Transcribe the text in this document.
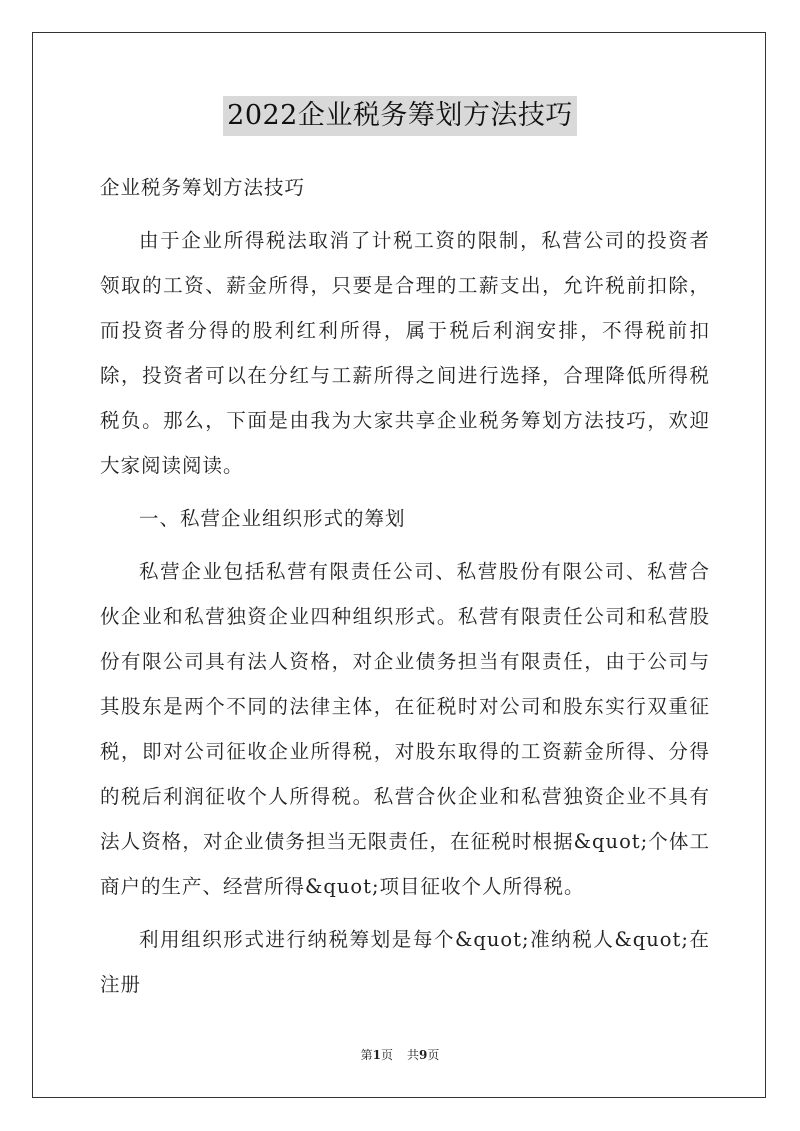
2022企业税务筹划方法技巧

企业税务筹划方法技巧

由于企业所得税法取消了计税工资的限制，私营公司的投资者领取的工资、薪金所得，只要是合理的工薪支出，允许税前扣除，而投资者分得的股利红利所得，属于税后利润安排，不得税前扣除，投资者可以在分红与工薪所得之间进行选择，合理降低所得税税负。那么，下面是由我为大家共享企业税务筹划方法技巧，欢迎大家阅读阅读。

一、私营企业组织形式的筹划

私营企业包括私营有限责任公司、私营股份有限公司、私营合伙企业和私营独资企业四种组织形式。私营有限责任公司和私营股份有限公司具有法人资格，对企业债务担当有限责任，由于公司与其股东是两个不同的法律主体，在征税时对公司和股东实行双重征税，即对公司征收企业所得税，对股东取得的工资薪金所得、分得的税后利润征收个人所得税。私营合伙企业和私营独资企业不具有法人资格，对企业债务担当无限责任，在征税时根据&quot;个体工商户的生产、经营所得&quot;项目征收个人所得税。

利用组织形式进行纳税筹划是每个&quot;准纳税人&quot;在注册

第1页 共9页
